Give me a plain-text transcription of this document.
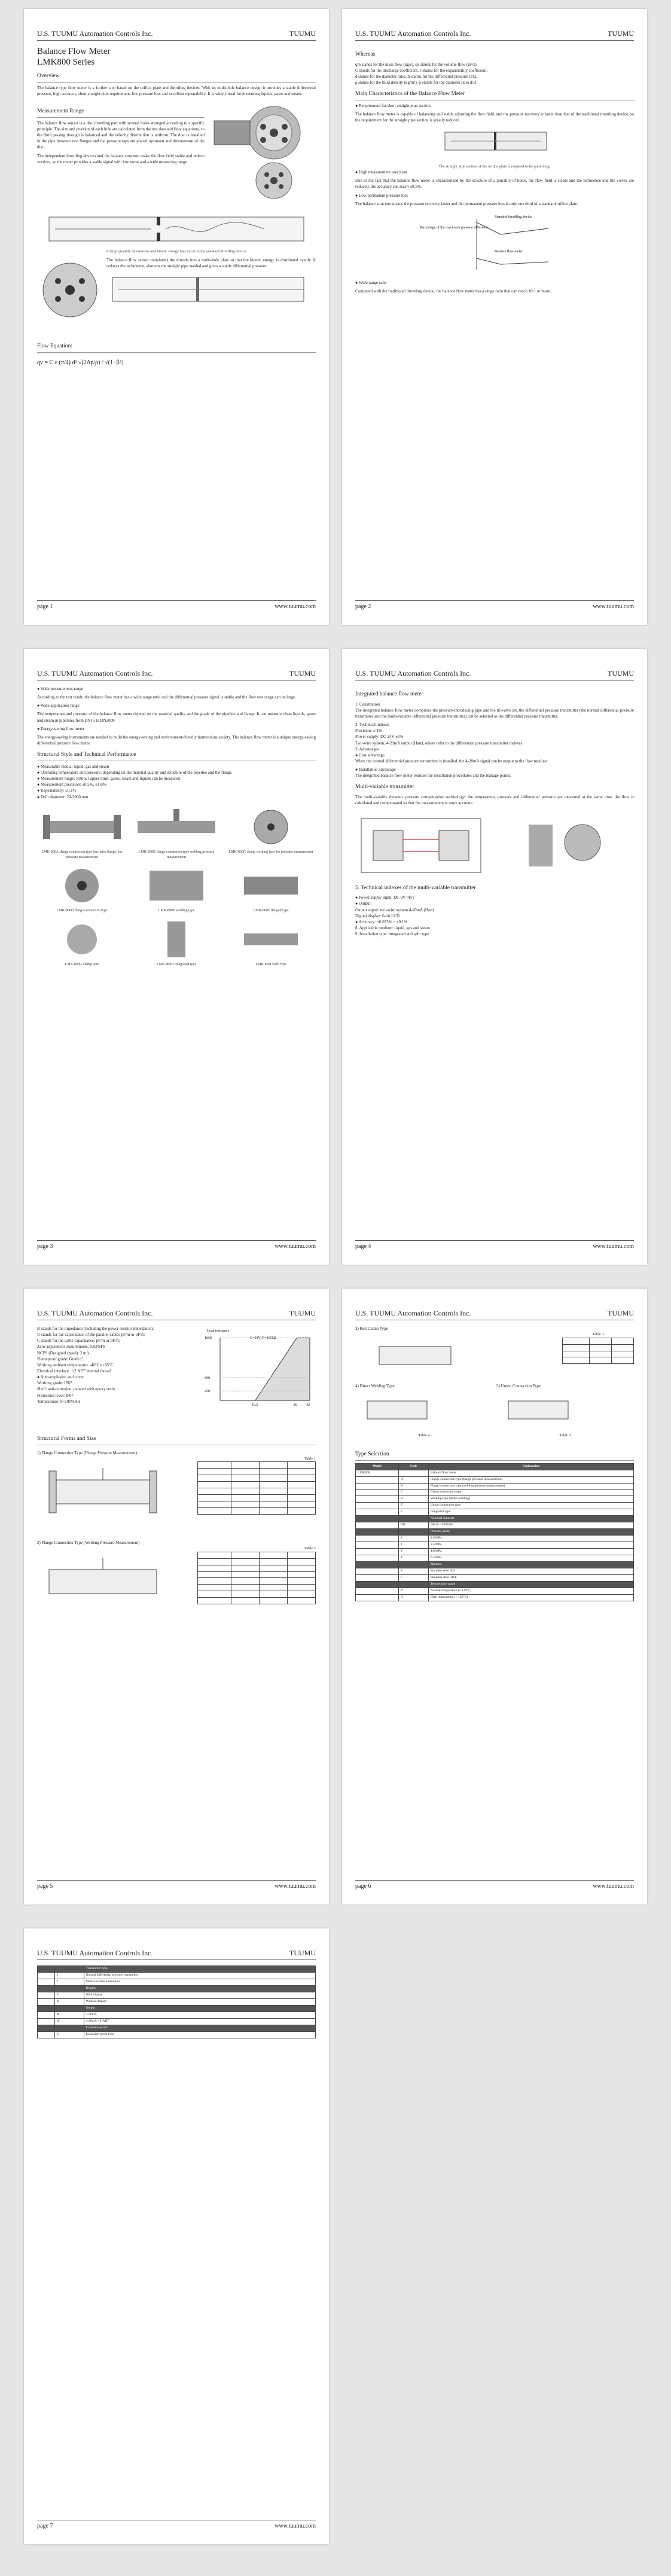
U.S. TUUMU Automation Controls Inc.	TUUMU
Balance Flow Meter
LMK800 Series
Overview

The balance type flow meter is a further step based on the orifice plate and throttling devices. With its multi-hole balance design it provides a stable differential pressure, high accuracy, short straight pipe requirement, low pressure loss and excellent repeatability. It is widely used for measuring liquids, gases and steam.

Measurement Range

The balance flow sensor is a disc throttling part with several holes arranged according to a specific principle. The size and position of each hole are calculated from the test data and flow equations, so the fluid passing through is balanced and the velocity distribution is uniform. The disc is installed in the pipe between two flanges and the pressure taps are placed upstream and downstream of the disc.

The independent throttling devices and the balance structure make the flow field stable and reduce vortices, so the meter provides a stable signal with low noise and a wide measuring range.

A large quantity of vortexes and kinetic energy loss occur in the standard throttling device.

The balance flow sensor transforms the throttle into a multi-hole plate so that the kinetic energy is distributed evenly. It reduces the turbulence, shortens the straight pipe needed and gives a stable differential pressure.

Flow Equation:
qv = C ε (π/4) d² √(2Δp/ρ) / √(1−β⁴)
page 1	www.tuumu.com
U.S. TUUMU Automation Controls Inc.	TUUMU
Whereas
qm stands for the mass flow (kg/s), qv stands for the volume flow (m³/s),
C stands for the discharge coefficient, ε stands for the expansibility coefficient,
d stands for the diameter ratio, Δ stands for the differential pressure (Pa),
ρ stands for the fluid density (kg/m³), β stands for the diameter ratio d/D.
Main Characteristics of the Balance Flow Meter

● Requirement for short straight pipe section

The balance flow meter is capable of balancing and stable adjusting the flow field, and the pressure recovery is faster than that of the traditional throttling device, so the requirement for the straight pipe section is greatly reduced.

The straight pipe section of the orifice plate is required to be quite long.

● High measurement precision

Due to the fact that the balance flow meter is characterized by the structure of a plurality of holes, the flow field is stable and the turbulence and the vortex are reduced; the accuracy can reach ±0.5%.

● Low permanent pressure loss

The balance structure makes the pressure recovery faster and the permanent pressure loss is only one third of a standard orifice plate.

Percentage of the maximum pressure difference
Standard throttling device
Balance flow meter

● Wide range ratio

Compared with the traditional throttling device, the balance flow meter has a range ratio that can reach 10:1 or more.

page 2	www.tuumu.com
U.S. TUUMU Automation Controls Inc.	TUUMU

● Wide measurement range

According to the test result, the balance flow meter has a wide range ratio and the differential pressure signal is stable and the flow rate range can be large.

● Wide application range

The temperature and pressure of the balance flow meter depend on the material quality and the grade of the pipeline and flange. It can measure clean liquids, gases and steam in pipelines from DN15 to DN2000.

● Energy-saving flow meter

The energy-saving instruments are needed to build the energy-saving and environment-friendly harmonious society. The balance flow meter is a unique energy-saving differential pressure flow meter.

Structural Style and Technical Performance
● Measurable media: liquid, gas and steam
● Operating temperature and pressure: depending on the material quality and structure of the pipeline and the flange
● Measurement range: without upper limit; gases, steam and liquids can be measured
● Measurement precision: ±0.5%, ±1.0%
● Repeatability: ±0.1%
● Drift diameter: 20-2000 mm
LMK-800A flange connection type (includes flange) for pressure measurement
LMK-800B flange connection type welding pressure measurement
LMK-800C clamp welding type for pressure measurement
LMK-800D flange connection type	LMK-800E welding type	LMK-800F flanged type
LMK-800G clamp type	LMK-800H integrated type	LMK-800I weld type
page 3	www.tuumu.com
U.S. TUUMU Automation Controls Inc.	TUUMU
Integrated balance flow meter
1. Constitution

The integrated balance flow meter comprises the pressure-introducing pipe and the tri-valve set, the differential pressure transmitter (the normal differential pressure transmitter and the multi-variable differential pressure transmitter) can be selected as the differential pressure transmitter.

2. Technical indexes
Precision: ± 1%
Power supply: DC 24V ±5%
Two-wire system, 4-20mA output (Hart), others refer to the differential pressure transmitter indexes
3. Advantages
● Cost advantage

When the normal differential pressure transmitter is installed, the 4-20mA signal can be output to the flow totalizer.

● Installation advantage

The integrated balance flow meter reduces the installation procedures and the leakage points.

Multi-variable transmitter

The multi-variable dynamic pressure compensation technology: the temperature, pressure and differential pressure are measured at the same time, the flow is calculated and compensated so that the measurement is more accurate.

5. Technical indexes of the multi-variable transmitter
● Power supply input: DC 9V~45V
● Output:
Output signal: two-wire system 4-20mA (Hart)
Digital display: 6-bit LCD
● Accuracy: ±0.075% ~ ±0.1%
8. Applicable medium: liquid, gas and steam
9. Installation type: integrated and split type
page 4	www.tuumu.com
U.S. TUUMU Automation Controls Inc.	TUUMU
B stands for the impedance (including the power resistor impedance);
U stands for the capacitance of the parallel cables pF/m or pF/ft;
C stands for the cable capacitance, pF/m or pF/ft;
Zero-adjustment requirements: 0.02%FS
NCPS (Designed speed): 2 m/s
Flameproof grade: Grade C
Working ambient temperature: -40°C to 85°C
Electrical interface: 1/2 NPT internal thread
● Auto-explosion and cover
Working grade: IP67
Shell: anti-corrosion, painted with epoxy resin
Protection level: IP67
Temperature: 0~100%RH
Load resistance
U=24V, R=1650Ω
16.5	36	42
250
600
1650
Structural Forms and Size
1) Flange Connection Type (Flange Pressure Measurement)
Table 1

2) Flange Connection Type (Welding Pressure Measurement)
Table 2

page 5	www.tuumu.com
U.S. TUUMU Automation Controls Inc.	TUUMU
3) Bed Clamp Type
Table 3

4) Direct Welding Type
Table 4
5) Union Connection Type
Table 5
Type Selection
Model	Code	Explanation
LMK800		Balance flow meter
	A	Flange connection type (flange pressure measurement)
	B	Flange connection type (welding pressure measurement)
	C	Clamp connection type
	D	Welding type (direct welding)
	E	Union connection type
	F	Integrated type
		Nominal diameter
	DN	DN15 ~ DN2000
		Pressure grade
	1	1.6 MPa
	2	2.5 MPa
	3	4.0 MPa
	4	6.4 MPa
		Material
	S	Stainless steel 304
	L	Stainless steel 316L
		Temperature range
	N	Normal temperature (≤ 120°C)
	H	High temperature (> 120°C)
page 6	www.tuumu.com
U.S. TUUMU Automation Controls Inc.	TUUMU
		Transmitter type
	1	Normal differential pressure transmitter
	2	Multi-variable transmitter
		Display
	Y	With display
	N	Without display
		Output
	M	4-20mA
	H	4-20mA + HART
		Explosion-proof
	E	Explosion-proof type
page 7	www.tuumu.com
